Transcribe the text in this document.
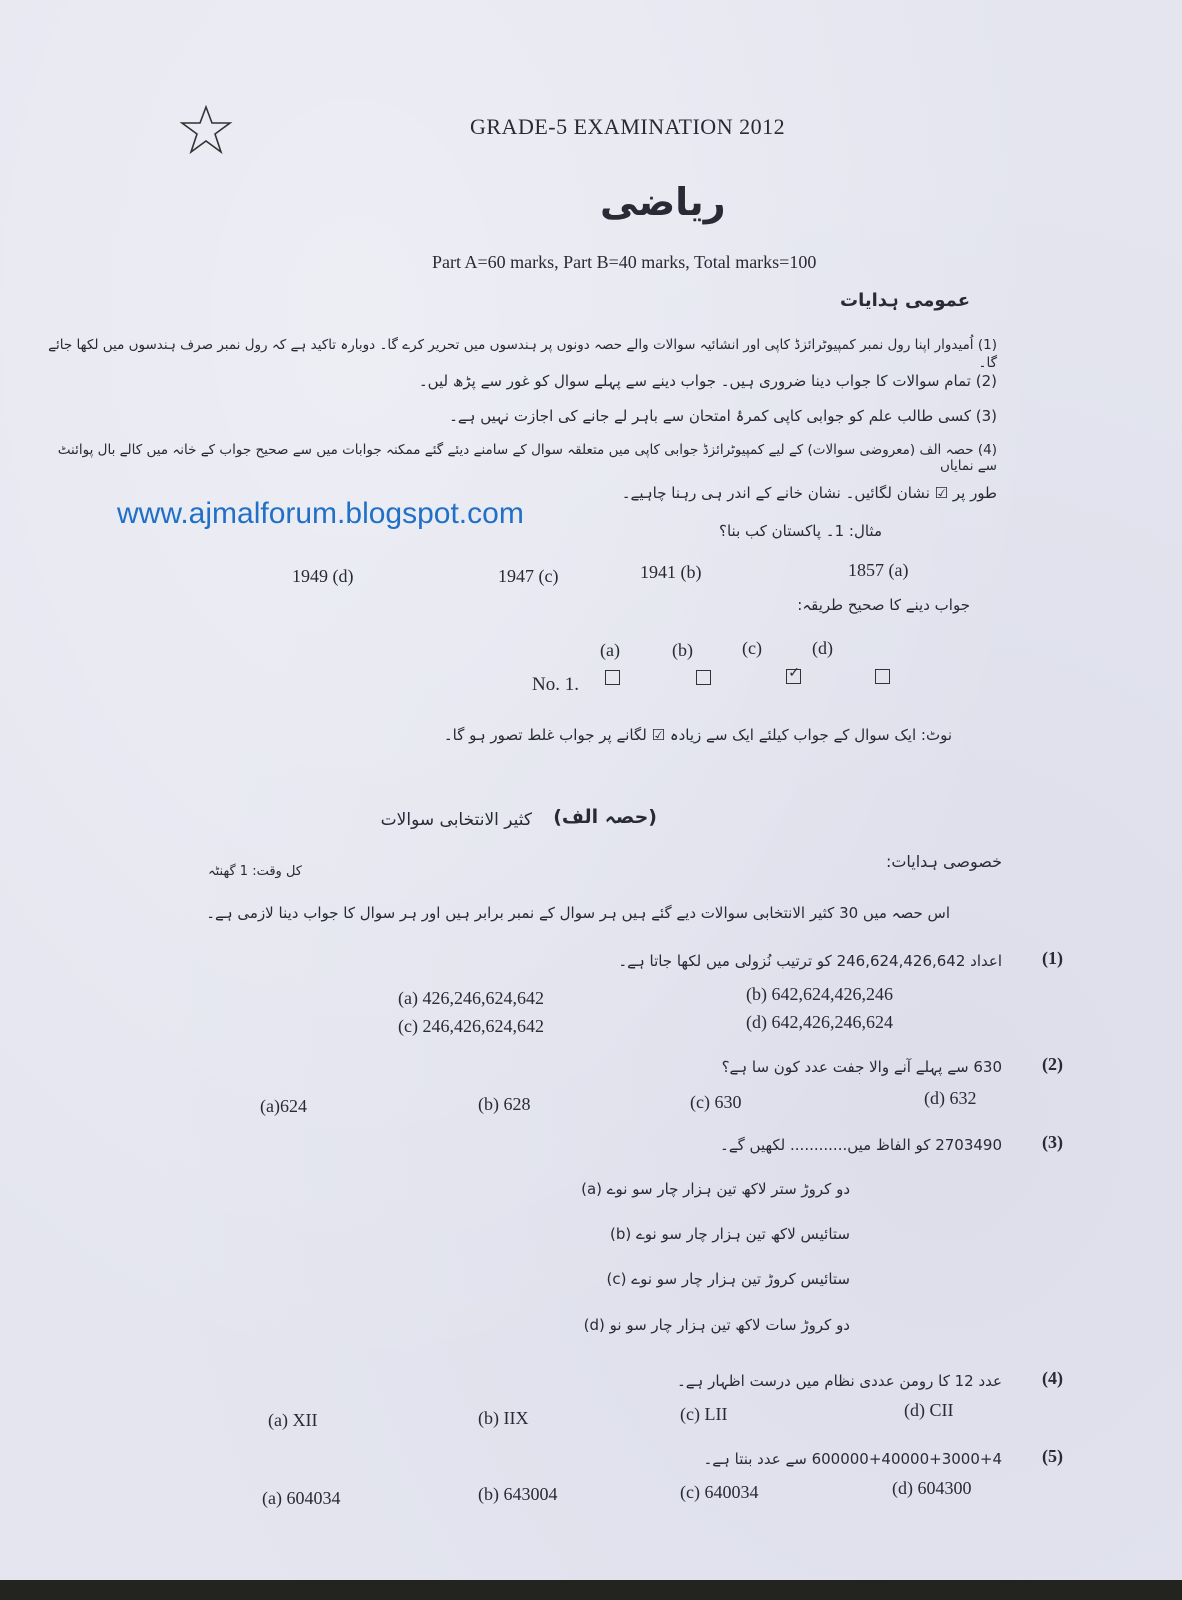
GRADE-5 EXAMINATION 2012
ریاضی
Part A=60 marks, Part B=40 marks, Total marks=100
عمومی ہدایات
(1) اُمیدوار اپنا رول نمبر کمپیوٹرائزڈ کاپی اور انشائیہ سوالات والے حصہ دونوں پر ہندسوں میں تحریر کرے گا۔ دوبارہ تاکید ہے کہ رول نمبر صرف ہندسوں میں لکھا جائے گا۔
(2) تمام سوالات کا جواب دینا ضروری ہیں۔ جواب دینے سے پہلے سوال کو غور سے پڑھ لیں۔
(3) کسی طالب علم کو جوابی کاپی کمرۂ امتحان سے باہر لے جانے کی اجازت نہیں ہے۔
(4) حصہ الف (معروضی سوالات) کے لیے کمپیوٹرائزڈ جوابی کاپی میں متعلقہ سوال کے سامنے دیئے گئے ممکنہ جوابات میں سے صحیح جواب کے خانہ میں کالے بال پوائنٹ سے نمایاں
طور پر ☑ نشان لگائیں۔ نشان خانے کے اندر ہی رہنا چاہیے۔
www.ajmalforum.blogspot.com
مثال: 1۔ پاکستان کب بنا؟
1949 (d)	1947 (c)	1941 (b)	1857 (a)
جواب دینے کا صحیح طریقہ:
(a)	(b)	(c)	(d)
No. 1.
✓
نوٹ: ایک سوال کے جواب کیلئے ایک سے زیادہ ☑ لگانے پر جواب غلط تصور ہو گا۔
(حصہ الف)
کثیر الانتخابی سوالات
خصوصی ہدایات:
کل وقت: 1 گھنٹہ
اس حصہ میں 30 کثیر الانتخابی سوالات دیے گئے ہیں ہر سوال کے نمبر برابر ہیں اور ہر سوال کا جواب دینا لازمی ہے۔
(1)
اعداد 246,624,426,642 کو ترتیب نُزولی میں لکھا جاتا ہے۔
(a) 426,246,624,642	(b) 642,624,426,246
(c) 246,426,624,642	(d) 642,426,246,624
(2)
630 سے پہلے آنے والا جفت عدد کون سا ہے؟
(a)624	(b) 628	(c) 630	(d) 632
(3)
2703490 کو الفاظ میں............ لکھیں گے۔
(a) دو کروڑ ستر لاکھ تین ہزار چار سو نوے
(b) ستائیس لاکھ تین ہزار چار سو نوے
(c) ستائیس کروڑ تین ہزار چار سو نوے
(d) دو کروڑ سات لاکھ تین ہزار چار سو نو
(4)
عدد 12 کا رومن عددی نظام میں درست اظہار ہے۔
(a) XII	(b) IIX	(c) LII	(d) CII
(5)
600000+40000+3000+4 سے عدد بنتا ہے۔
(a) 604034	(b) 643004	(c) 640034	(d) 604300
